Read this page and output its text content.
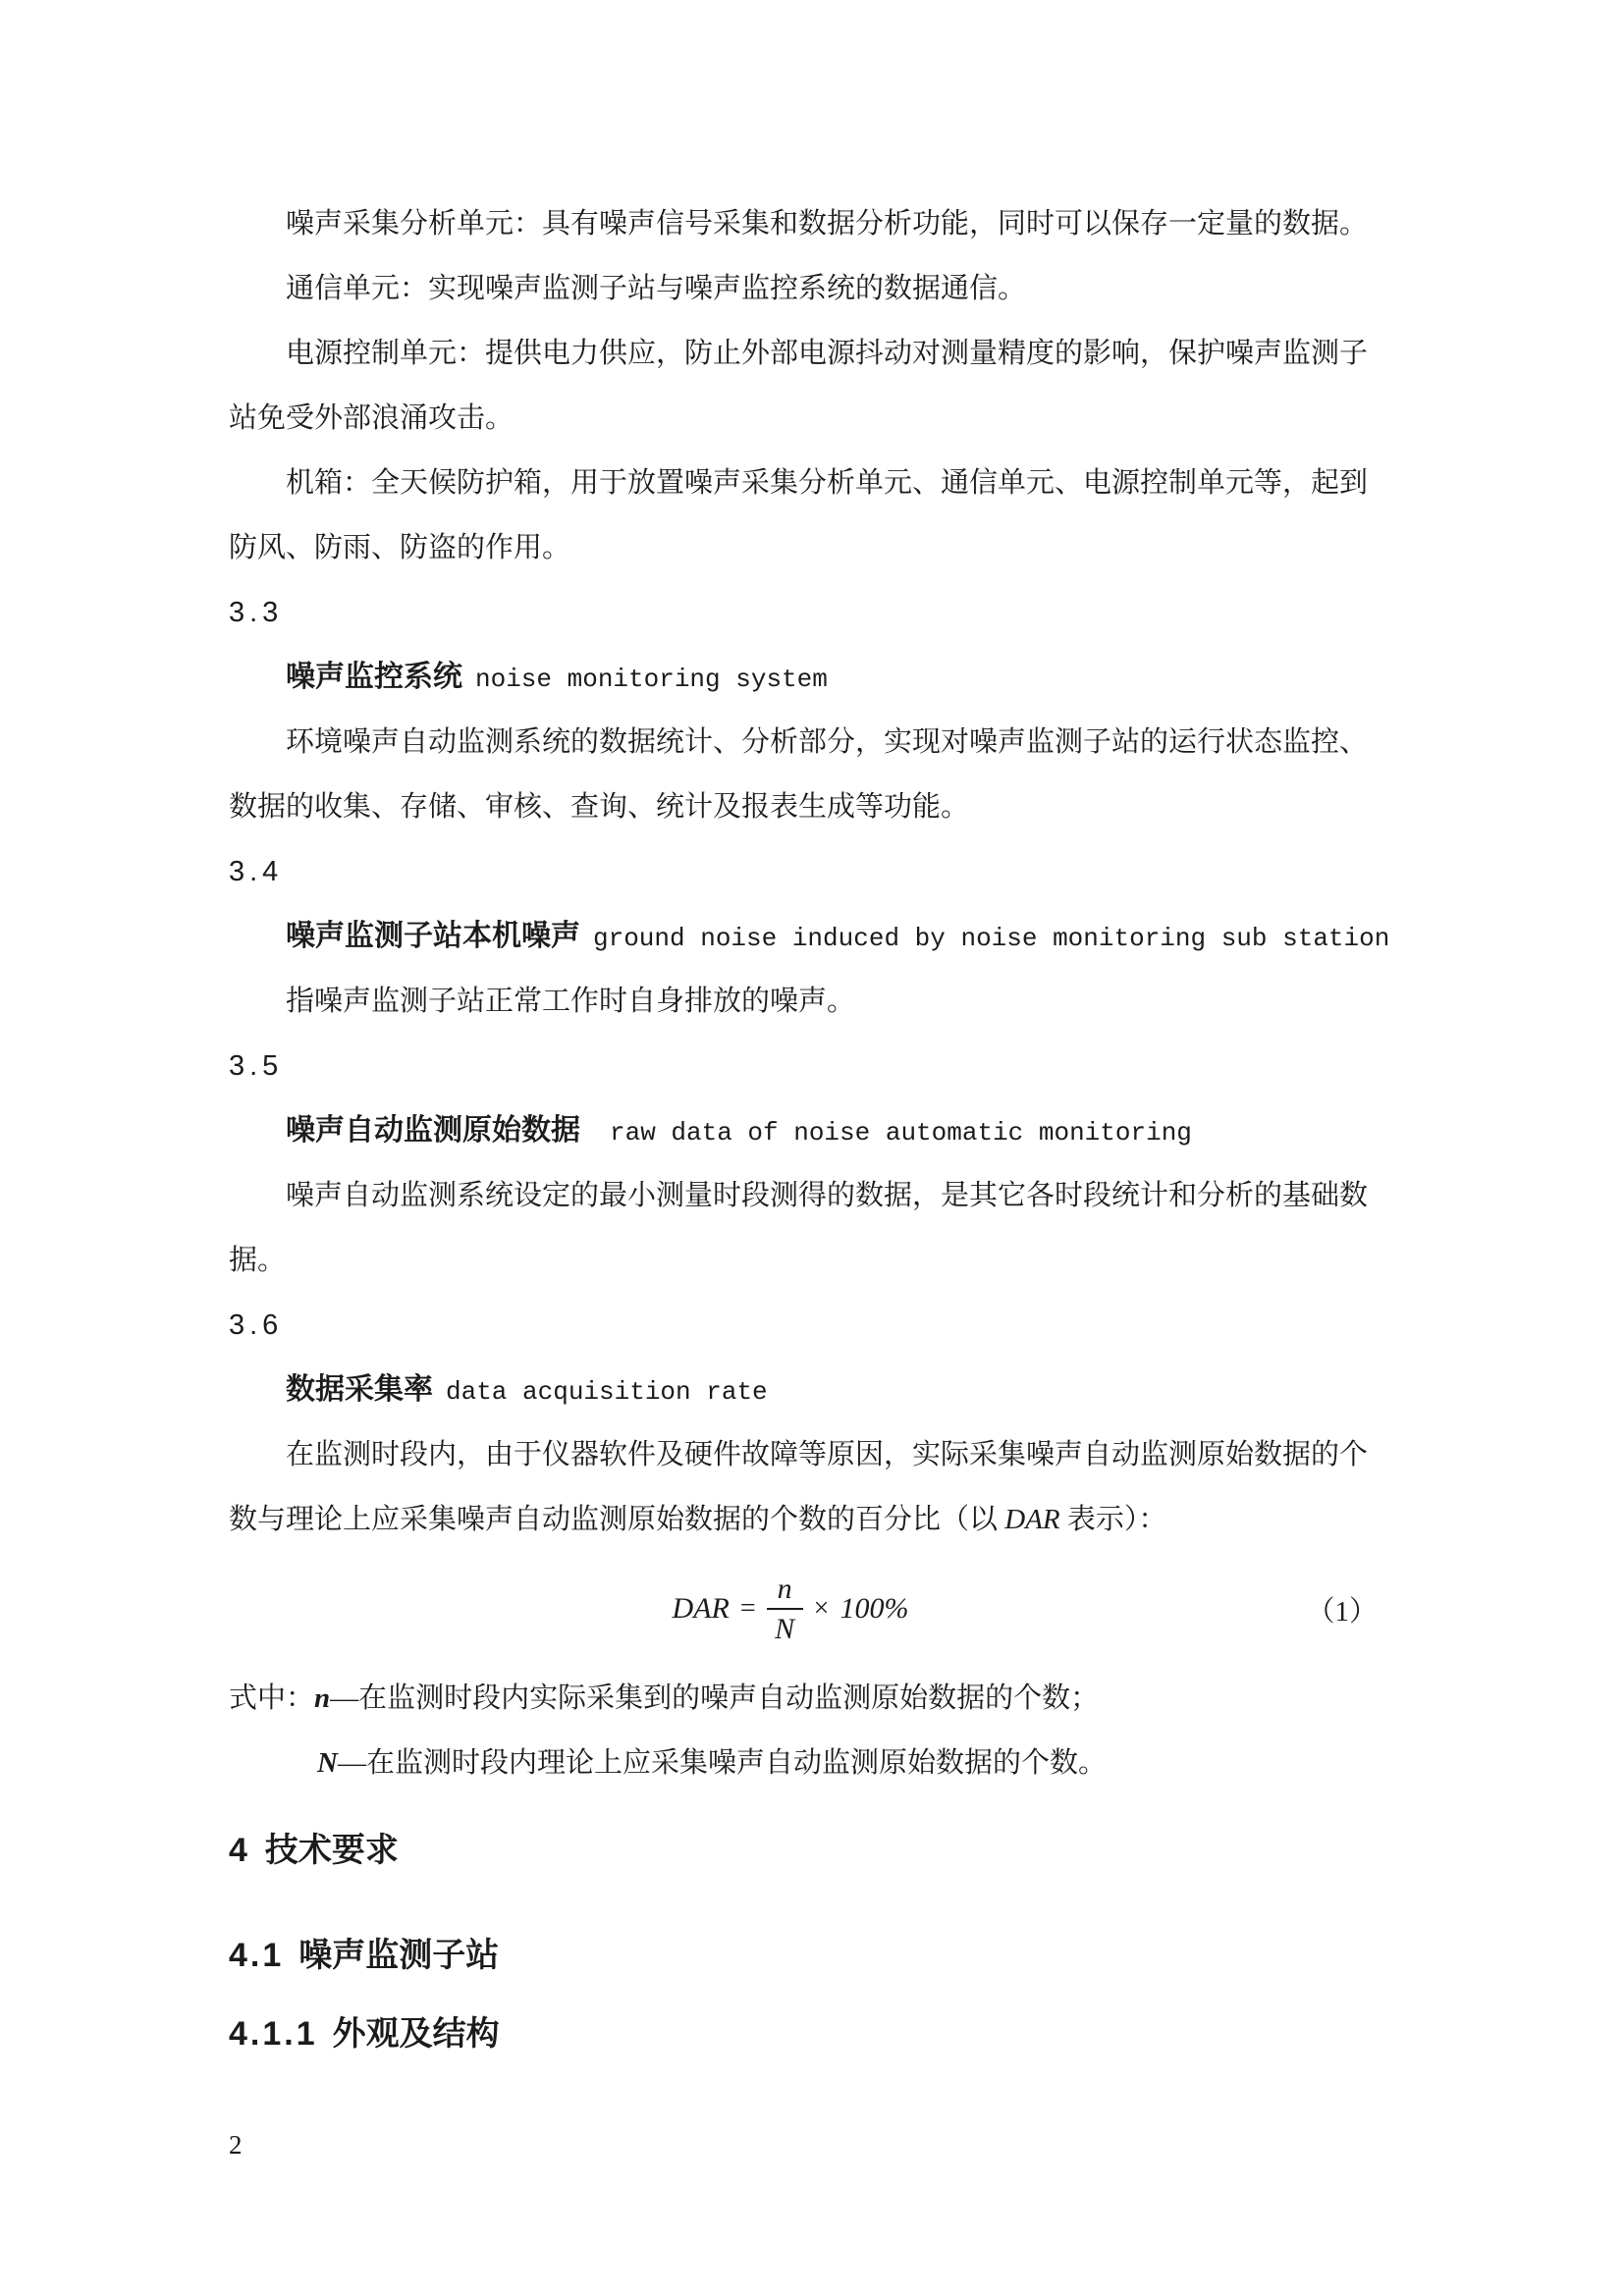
噪声采集分析单元：具有噪声信号采集和数据分析功能，同时可以保存一定量的数据。
通信单元：实现噪声监测子站与噪声监控系统的数据通信。
电源控制单元：提供电力供应，防止外部电源抖动对测量精度的影响，保护噪声监测子
站免受外部浪涌攻击。
机箱：全天候防护箱，用于放置噪声采集分析单元、通信单元、电源控制单元等，起到
防风、防雨、防盗的作用。
3.3
噪声监控系统 noise monitoring system
环境噪声自动监测系统的数据统计、分析部分，实现对噪声监测子站的运行状态监控、
数据的收集、存储、审核、查询、统计及报表生成等功能。
3.4
噪声监测子站本机噪声 ground noise induced by noise monitoring sub station
指噪声监测子站正常工作时自身排放的噪声。
3.5
噪声自动监测原始数据 raw data of noise automatic monitoring
噪声自动监测系统设定的最小测量时段测得的数据，是其它各时段统计和分析的基础数
据。
3.6
数据采集率 data acquisition rate
在监测时段内，由于仪器软件及硬件故障等原因，实际采集噪声自动监测原始数据的个
数与理论上应采集噪声自动监测原始数据的个数的百分比（以 DAR 表示）：
DAR = $\frac{n}{N} \times 100\%$	（1）
式中：n—在监测时段内实际采集到的噪声自动监测原始数据的个数；
N—在监测时段内理论上应采集噪声自动监测原始数据的个数。
4 技术要求
4.1 噪声监测子站
4.1.1 外观及结构
2
